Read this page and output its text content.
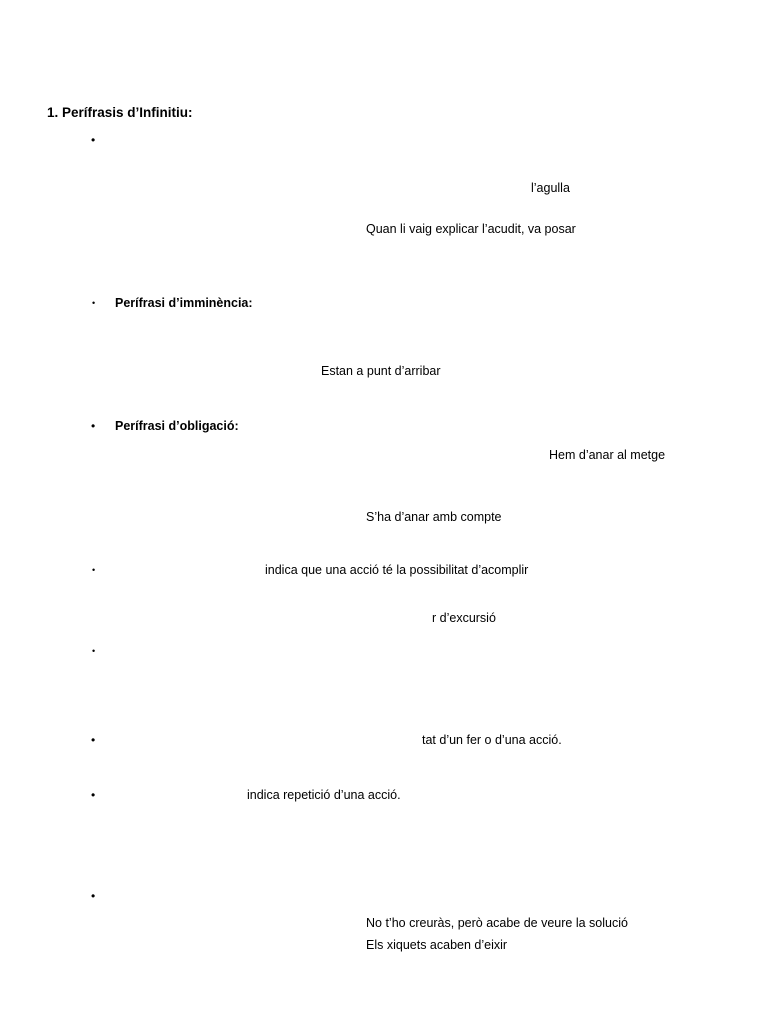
1. Perífrasis d’Infinitiu:
•
l’agulla
Quan li vaig explicar l’acudit, va posar
• Perífrasi d’imminència:
Estan a punt d’arribar
• Perífrasi d’obligació:
Hem d’anar al metge
S’ha d’anar amb compte
•	indica que una acció té la possibilitat d’acomplir
r d’excursió
•
•	tat d’un fer o d’una acció.
•	indica repetició d’una acció.
•
No t’ho creuràs, però acabe de veure la solució
Els xiquets acaben d’eixir
